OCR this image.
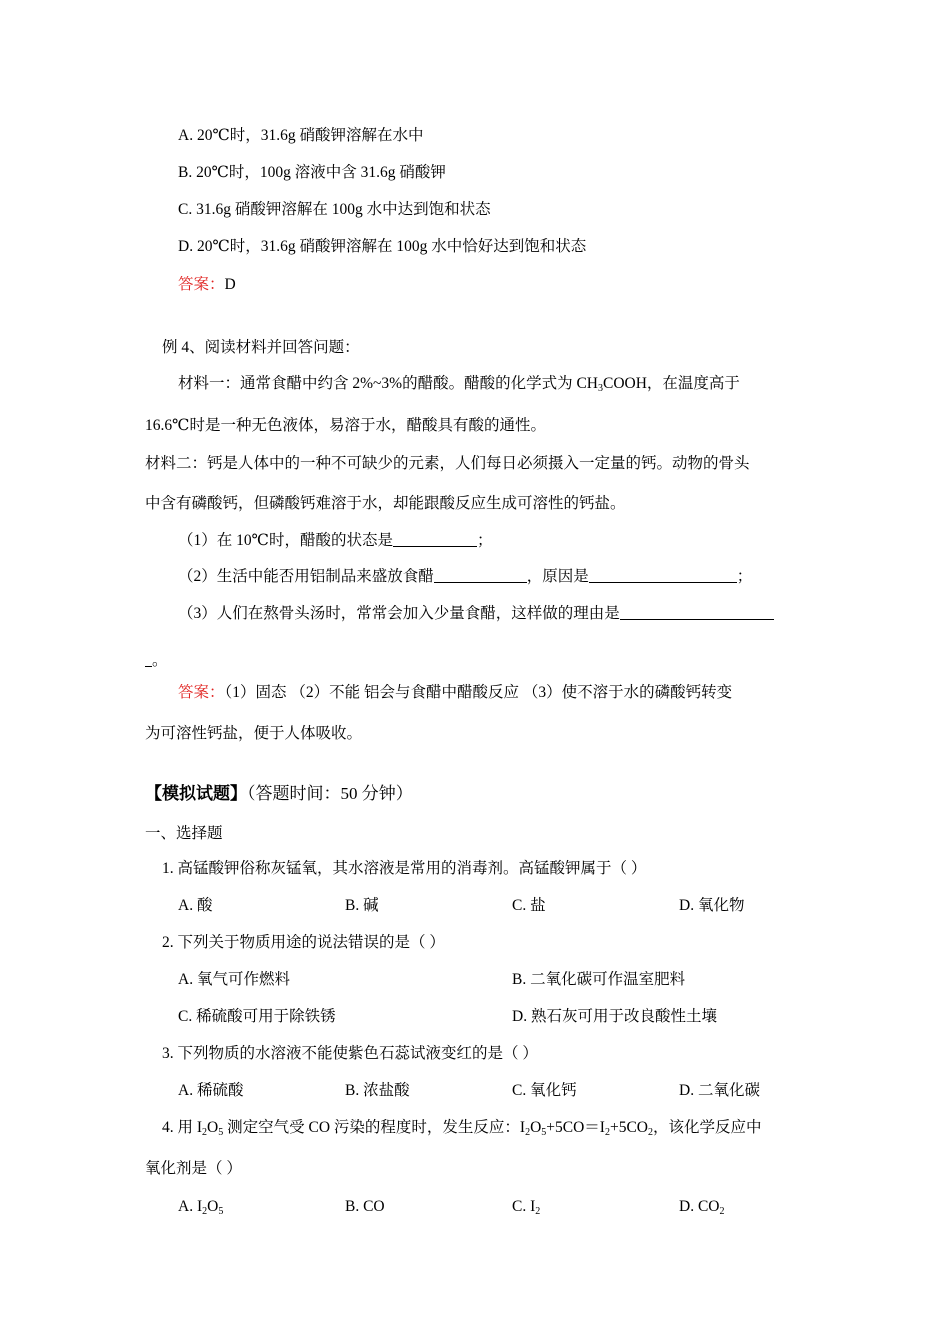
A. 20℃时，31.6g 硝酸钾溶解在水中
B. 20℃时，100g 溶液中含 31.6g 硝酸钾
C. 31.6g 硝酸钾溶解在 100g 水中达到饱和状态
D. 20℃时，31.6g 硝酸钾溶解在 100g 水中恰好达到饱和状态
答案：D
例 4、阅读材料并回答问题：
材料一：通常食醋中约含 2%~3%的醋酸。醋酸的化学式为 $CH_3COOH$，在温度高于
16.6℃时是一种无色液体，易溶于水，醋酸具有酸的通性。
材料二：钙是人体中的一种不可缺少的元素，人们每日必须摄入一定量的钙。动物的骨头
中含有磷酸钙，但磷酸钙难溶于水，却能跟酸反应生成可溶性的钙盐。
（1）在 10℃时，醋酸的状态是	；
（2）生活中能否用铝制品来盛放食醋	，原因是	；
（3）人们在熬骨头汤时，常常会加入少量食醋，这样做的理由是
。
答案：（1）固态 （2）不能 铝会与食醋中醋酸反应 （3）使不溶于水的磷酸钙转变
为可溶性钙盐，便于人体吸收。
【模拟试题】（答题时间：50 分钟）
一、选择题
1. 高锰酸钾俗称灰锰氧，其水溶液是常用的消毒剂。高锰酸钾属于（ ）
A. 酸	B. 碱	C. 盐	D. 氧化物
2. 下列关于物质用途的说法错误的是（ ）
A. 氧气可作燃料	B. 二氧化碳可作温室肥料
C. 稀硫酸可用于除铁锈	D. 熟石灰可用于改良酸性土壤
3. 下列物质的水溶液不能使紫色石蕊试液变红的是（ ）
A. 稀硫酸	B. 浓盐酸	C. 氧化钙	D. 二氧化碳
4. 用 $I_2O_5$ 测定空气受 CO 污染的程度时，发生反应：$I_2O_5+5CO=I_2+5CO_2$，该化学反应中
氧化剂是（ ）
A. $I_2O_5$	B. CO	C. $I_2$	D. $CO_2$
